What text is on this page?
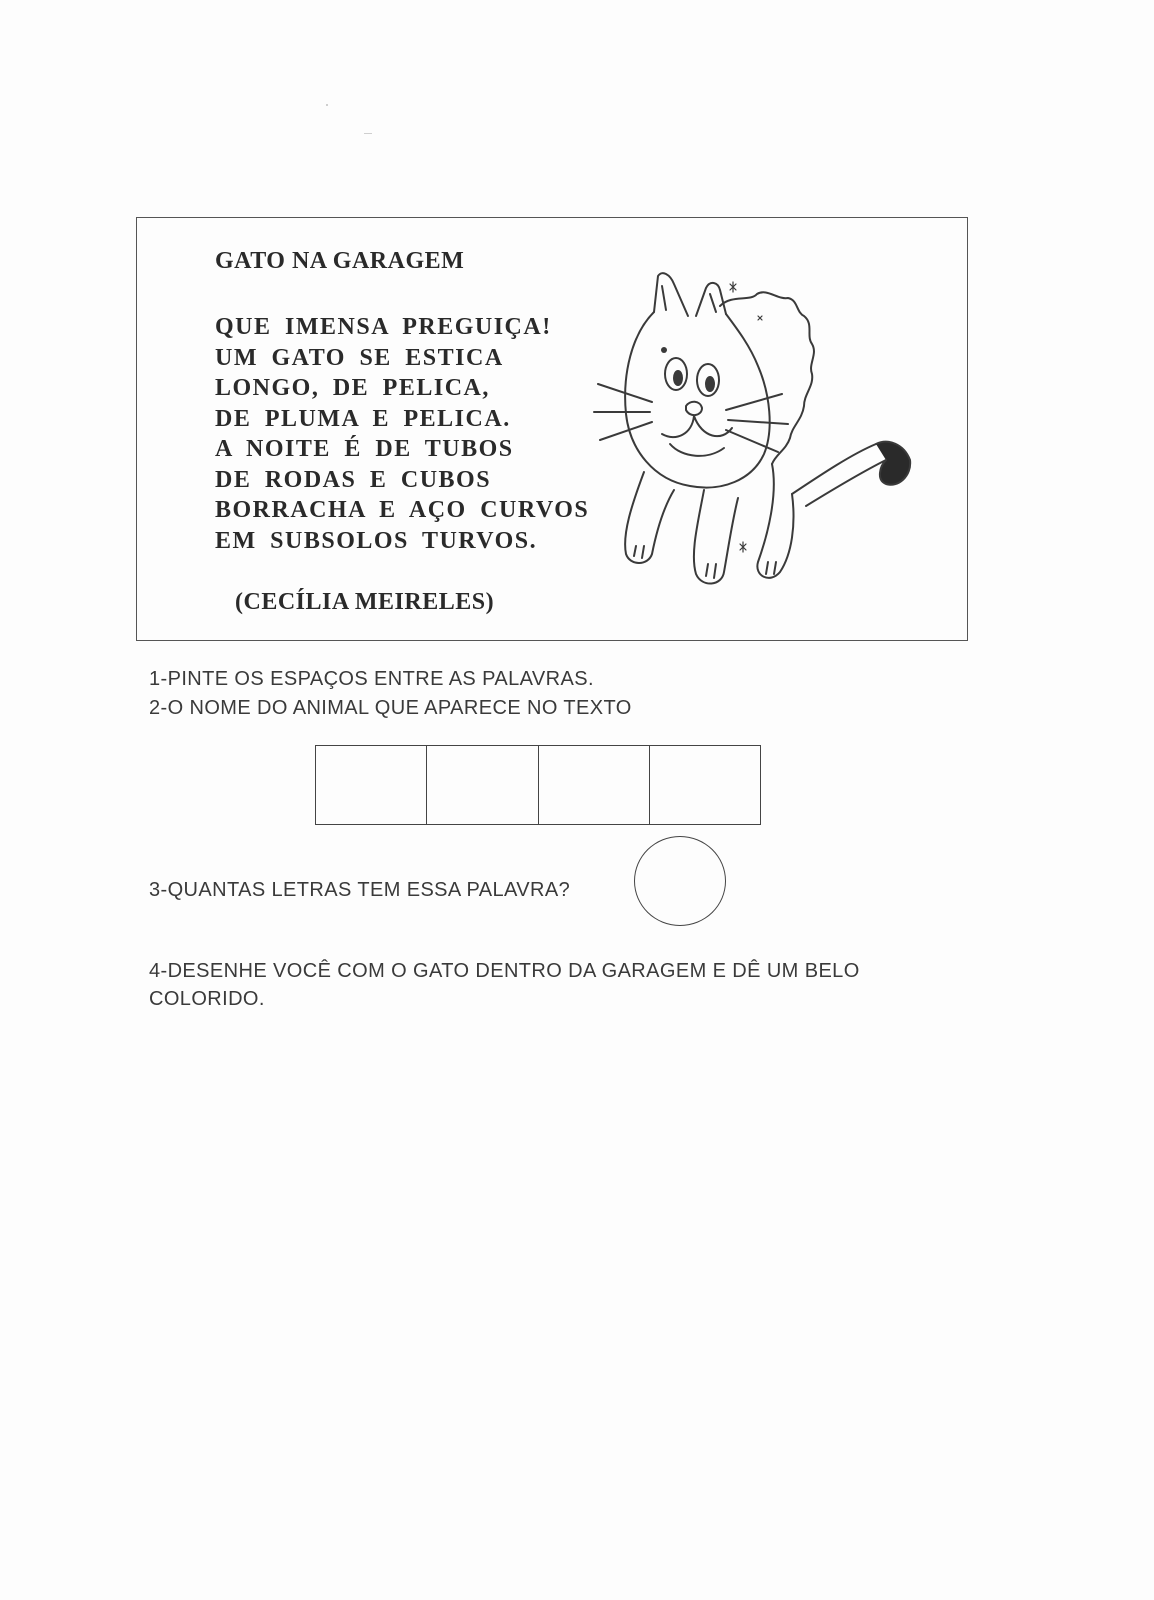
GATO NA GARAGEM
QUE IMENSA PREGUIÇA!
UM GATO SE ESTICA
LONGO, DE PELICA,
DE PLUMA E PELICA.
A NOITE É DE TUBOS
DE RODAS E CUBOS
BORRACHA E AÇO CURVOS
EM SUBSOLOS TURVOS.

(CECÍLIA MEIRELES)

1-PINTE OS ESPAÇOS ENTRE AS PALAVRAS.

2-O NOME DO ANIMAL QUE APARECE NO TEXTO

3-QUANTAS LETRAS TEM ESSA PALAVRA?

4-DESENHE VOCÊ COM O GATO DENTRO DA GARAGEM E DÊ UM BELO COLORIDO.
